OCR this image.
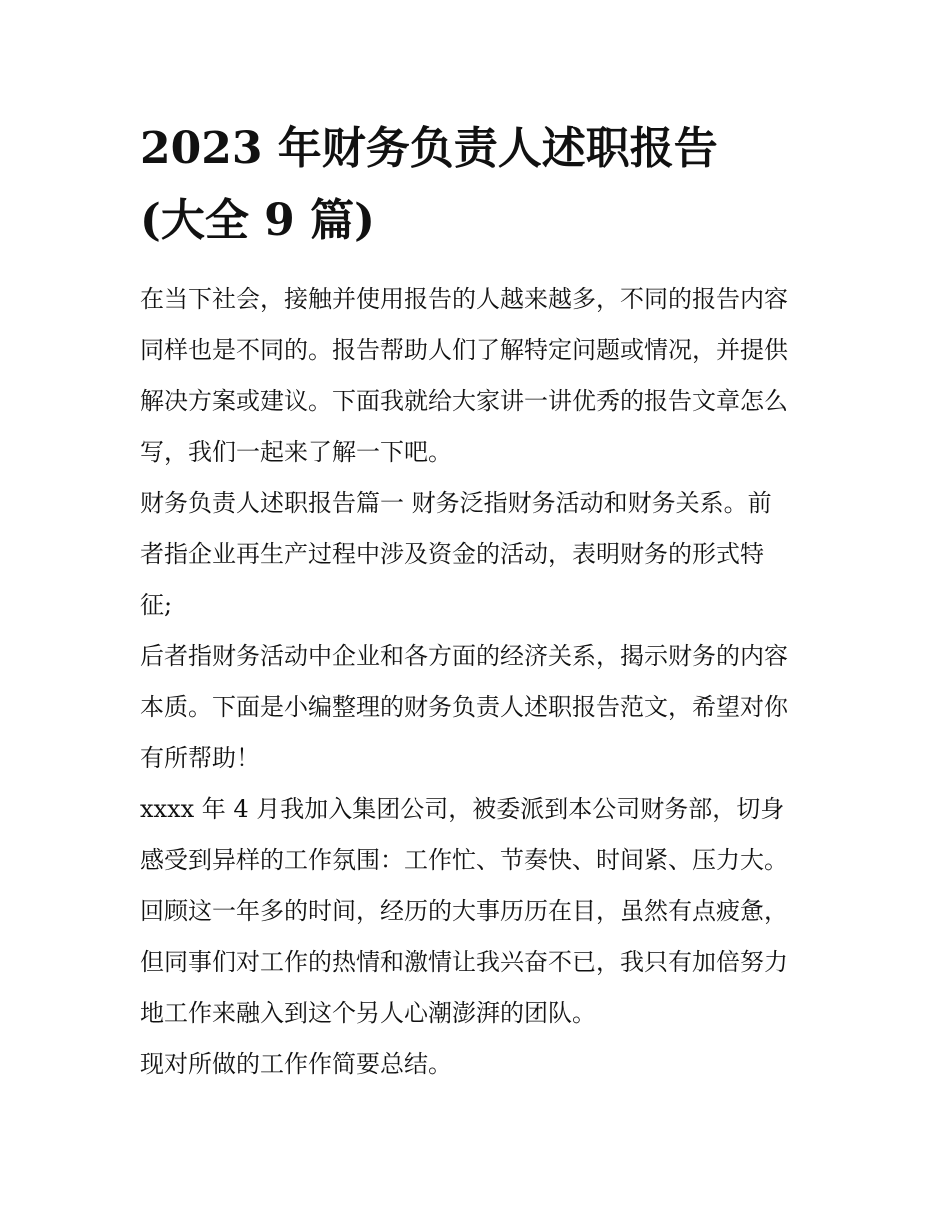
2023 年财务负责人述职报告
(大全 9 篇)

在当下社会，接触并使用报告的人越来越多，不同的报告内容
同样也是不同的。报告帮助人们了解特定问题或情况，并提供
解决方案或建议。下面我就给大家讲一讲优秀的报告文章怎么
写，我们一起来了解一下吧。

财务负责人述职报告篇一 财务泛指财务活动和财务关系。前
者指企业再生产过程中涉及资金的活动，表明财务的形式特
征;

后者指财务活动中企业和各方面的经济关系，揭示财务的内容
本质。下面是小编整理的财务负责人述职报告范文，希望对你
有所帮助！

xxxx 年 4 月我加入集团公司，被委派到本公司财务部，切身
感受到异样的工作氛围：工作忙、节奏快、时间紧、压力大。
回顾这一年多的时间，经历的大事历历在目，虽然有点疲惫，
但同事们对工作的热情和激情让我兴奋不已，我只有加倍努力
地工作来融入到这个另人心潮澎湃的团队。

现对所做的工作作简要总结。
